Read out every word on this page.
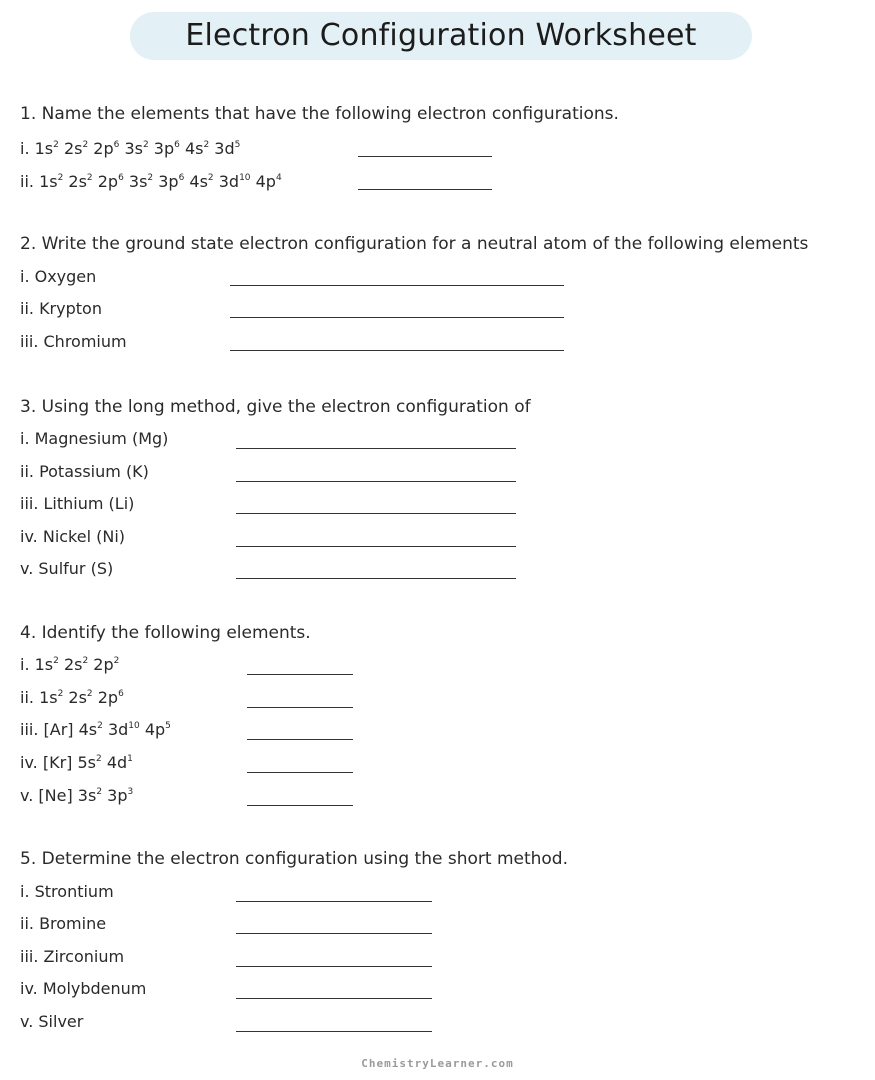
Electron Configuration Worksheet
1. Name the elements that have the following electron configurations.
i. $1s^2$ $2s^2$ $2p^6$ $3s^2$ $3p^6$ $4s^2$ $3d^5$
ii. $1s^2$ $2s^2$ $2p^6$ $3s^2$ $3p^6$ $4s^2$ $3d^{10}$ $4p^4$
2. Write the ground state electron configuration for a neutral atom of the following elements
i. Oxygen
ii. Krypton
iii. Chromium
3. Using the long method, give the electron configuration of
i. Magnesium (Mg)
ii. Potassium (K)
iii. Lithium (Li)
iv. Nickel (Ni)
v. Sulfur (S)
4. Identify the following elements.
i. $1s^2$ $2s^2$ $2p^2$
ii. $1s^2$ $2s^2$ $2p^6$
iii. [Ar] $4s^2$ $3d^{10}$ $4p^5$
iv. [Kr] $5s^2$ $4d^1$
v. [Ne] $3s^2$ $3p^3$
5. Determine the electron configuration using the short method.
i. Strontium
ii. Bromine
iii. Zirconium
iv. Molybdenum
v. Silver
ChemistryLearner.com
